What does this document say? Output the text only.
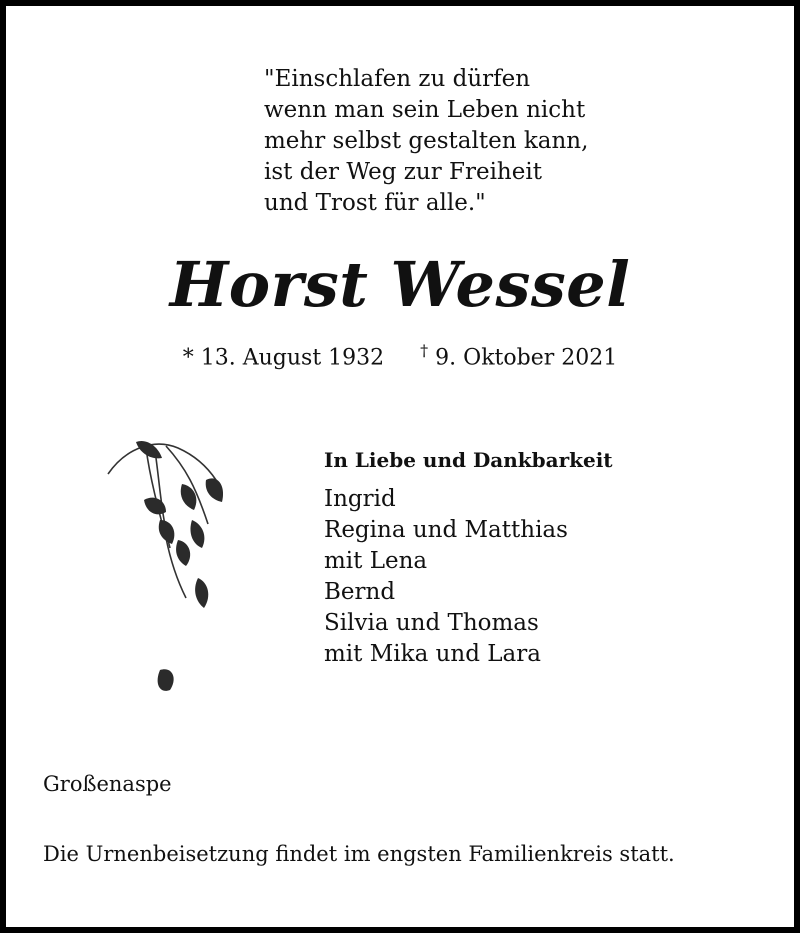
"Einschlafen zu dürfen
wenn man sein Leben nicht
mehr selbst gestalten kann,
ist der Weg zur Freiheit
und Trost für alle."
Horst Wessel
* 13. August 1932 † 9. Oktober 2021
In Liebe und Dankbarkeit
Ingrid
Regina und Matthias
mit Lena
Bernd
Silvia und Thomas
mit Mika und Lara
Großenaspe
Die Urnenbeisetzung findet im engsten Familienkreis statt.
